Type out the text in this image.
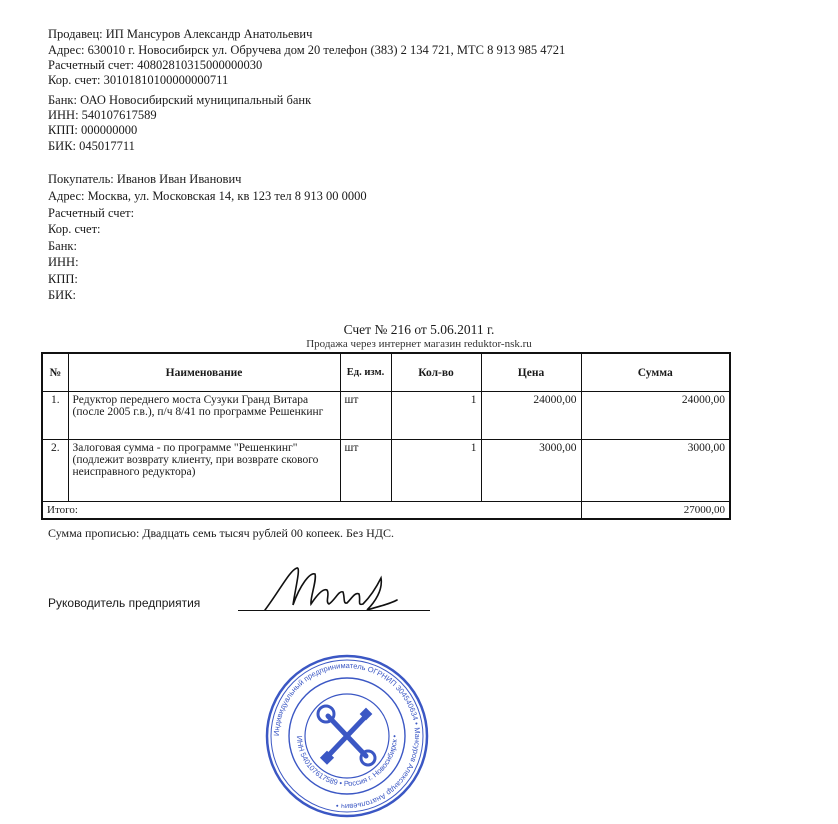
Продавец: ИП Мансуров Александр Анатольевич
Адрес: 630010 г. Новосибирск ул. Обручева дом 20 телефон (383) 2 134 721, МТС 8 913 985 4721
Расчетный счет: 40802810315000000030
Кор. счет: 30101810100000000711
Банк: ОАО Новосибирский муниципальный банк
ИНН: 540107617589
КПП: 000000000
БИК: 045017711
Покупатель: Иванов Иван Иванович
Адрес: Москва, ул. Московская 14, кв 123 тел 8 913 00 0000
Расчетный счет:
Кор. счет:
Банк:
ИНН:
КПП:
БИК:
Счет № 216 от 5.06.2011 г.
Продажа через интернет магазин reduktor-nsk.ru
№	Наименование	Ед. изм.	Кол-во	Цена	Сумма
1.	Редуктор переднего моста Сузуки Гранд Витара (после 2005 г.в.), п/ч 8/41 по программе Решенкинг	шт	1	24000,00	24000,00
2.	Залоговая сумма - по программе "Решенкинг" (подлежит возврату клиенту, при возврате скового неисправного редуктора)	шт	1	3000,00	3000,00
Итого:					27000,00
Сумма прописью: Двадцать семь тысяч рублей 00 копеек. Без НДС.
Руководитель предприятия
Индивидуальный предприниматель ОГРНИП 304540634 • Мансуров Александр Анатольевич •
ИНН 540107617589 • Россия г. Новосибирск •
